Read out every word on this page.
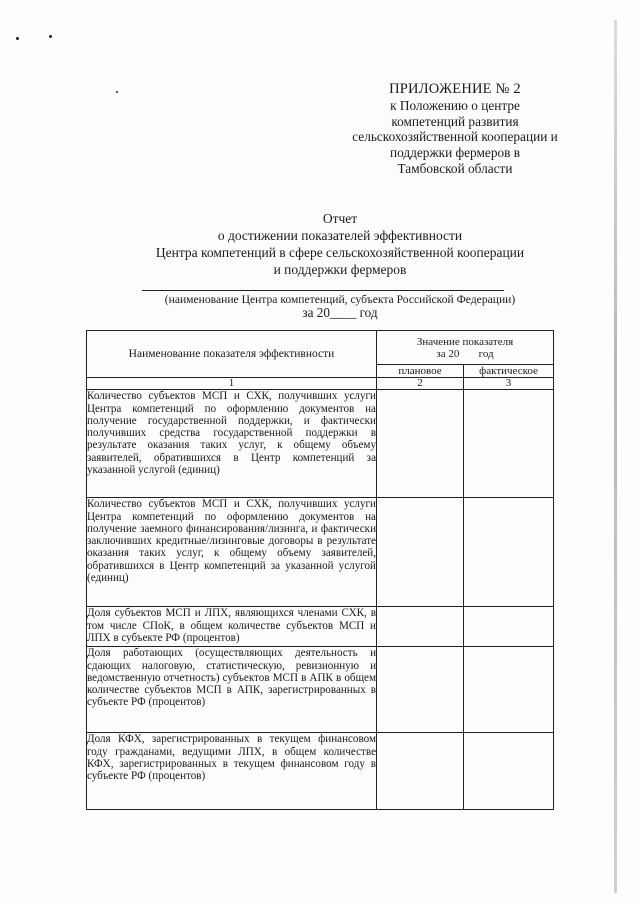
ПРИЛОЖЕНИЕ № 2
к Положению о центре
компетенций развития
сельскохозяйственной кооперации и
поддержки фермеров в
Тамбовской области
Отчет
о достижении показателей эффективности
Центра компетенций в сфере сельскохозяйственной кооперации
и поддержки фермеров
(наименование Центра компетенций, субъекта Российской Федерации)
за 20____ год
Наименование показателя эффективности	Значение показателя
за 20       год	

	плановое	фактическое
1	2	3
Количество субъектов МСП и СХК, получивших услуги Центра компетенций по оформлению документов на получение государственной поддержки, и фактически получивших средства государственной поддержки в результате оказания таких услуг, к общему объему заявителей, обратившихся в Центр компетенций за указанной услугой (единиц)		
Количество субъектов МСП и СХК, получивших услуги Центра компетенций по оформлению документов на получение заемного финансирования/лизинга, и фактически заключивших кредитные/лизинговые договоры в результате оказания таких услуг, к общему объему заявителей, обратившихся в Центр компетенций за указанной услугой (единиц)		
Доля субъектов МСП и ЛПХ, являющихся членами СХК, в том числе СПоК, в общем количестве субъектов МСП и ЛПХ в субъекте РФ (процентов)		
Доля работающих (осуществляющих деятельность и сдающих налоговую, статистическую, ревизионную и ведомственную отчетность) субъектов МСП в АПК в общем количестве субъектов МСП в АПК, зарегистрированных в субъекте РФ (процентов)		
Доля КФХ, зарегистрированных в текущем финансовом году гражданами, ведущими ЛПХ, в общем количестве КФХ, зарегистрированных в текущем финансовом году в субъекте РФ (процентов)		
